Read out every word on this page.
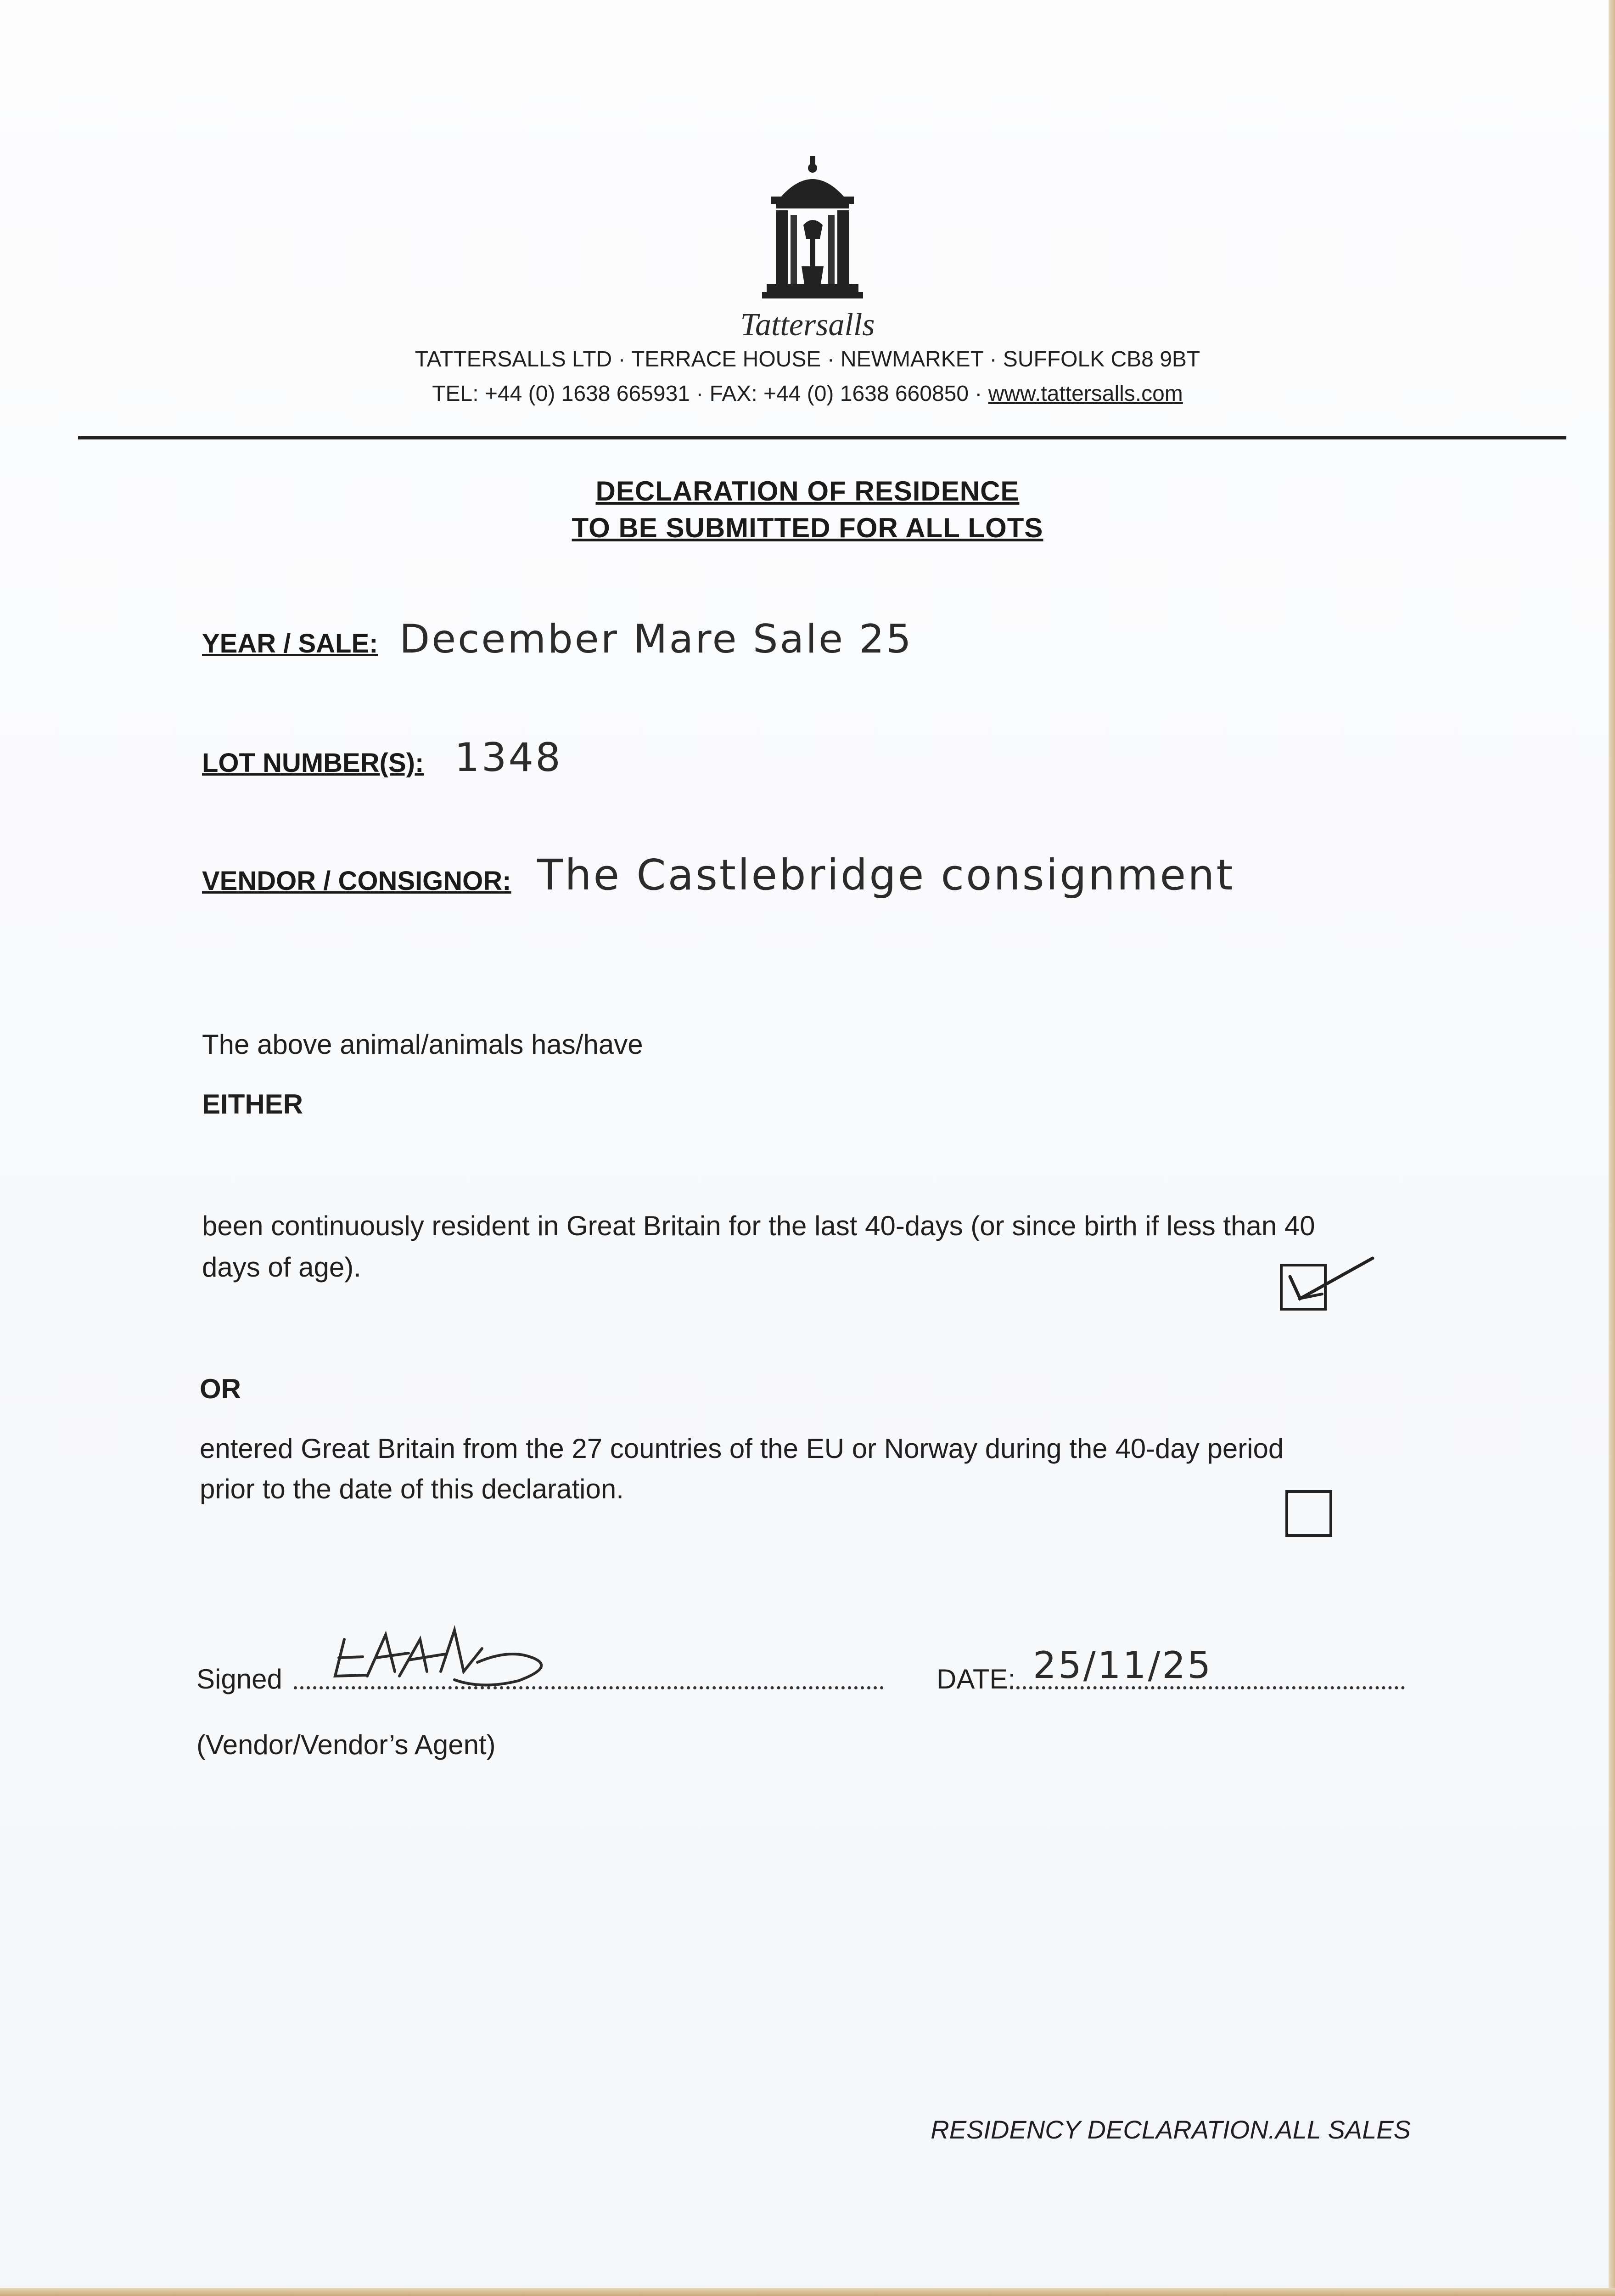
Tattersalls
TATTERSALLS LTD · TERRACE HOUSE · NEWMARKET · SUFFOLK CB8 9BT
TEL: +44 (0) 1638 665931 · FAX: +44 (0) 1638 660850 · www.tattersalls.com
DECLARATION OF RESIDENCE
TO BE SUBMITTED FOR ALL LOTS
YEAR / SALE: December Mare Sale 25
LOT NUMBER(S): 1348
VENDOR / CONSIGNOR: The Castlebridge consignment
The above animal/animals has/have
EITHER
been continuously resident in Great Britain for the last 40-days (or since birth if less than 40
days of age).
OR
entered Great Britain from the 27 countries of the EU or Norway during the 40-day period
prior to the date of this declaration.
Signed
(Vendor/Vendor’s Agent)
DATE: 25/11/25
RESIDENCY DECLARATION.ALL SALES
